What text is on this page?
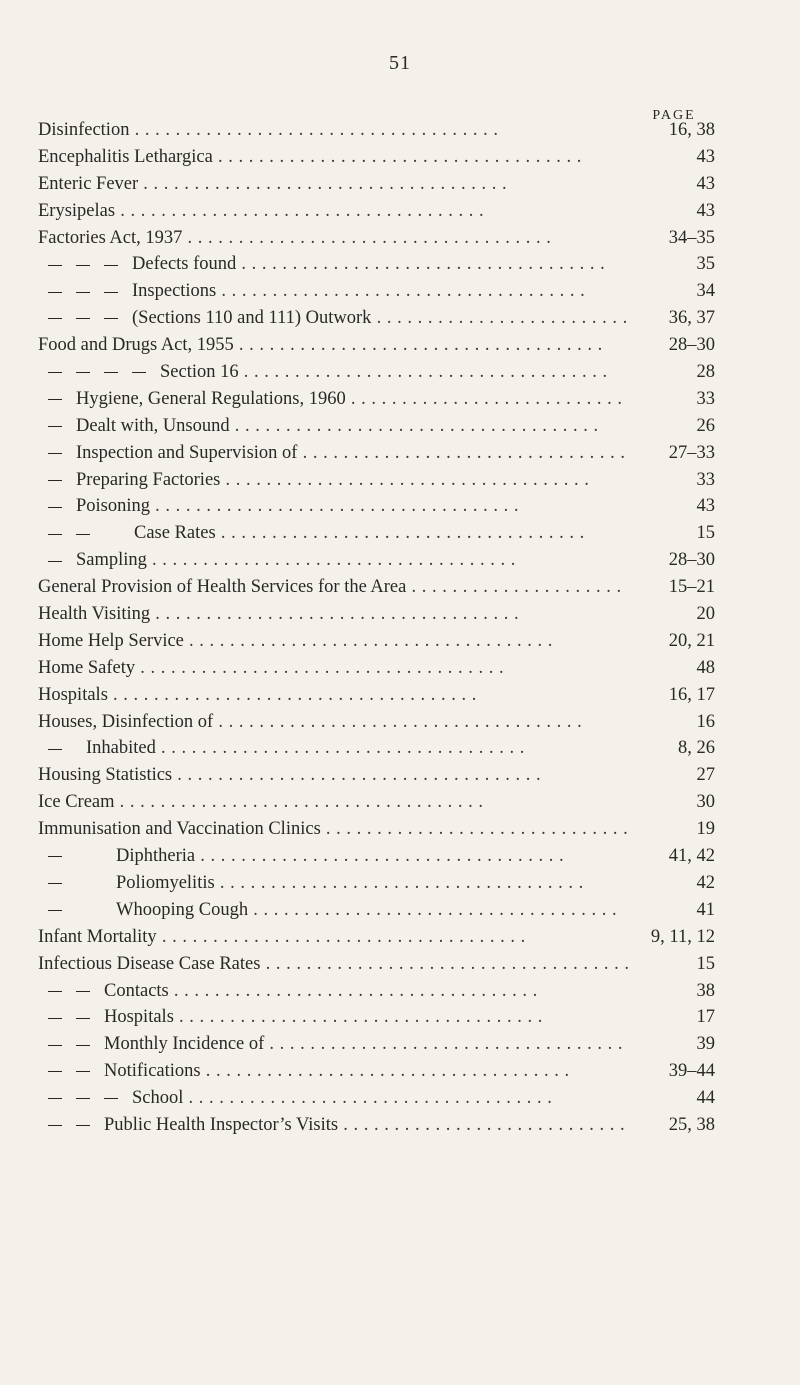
51
PAGE
Disinfection . . .	16, 38
Encephalitis Lethargica . . .	43
Enteric Fever . . .	43
Erysipelas . . .	43
Factories Act, 1937 . . .	34–35
Defects found . . .	35
Inspections . . .	34
(Sections 110 and 111) Outwork . . .	36, 37
Food and Drugs Act, 1955 . . .	28–30
Section 16 . . .	28
Hygiene, General Regulations, 1960 . . .	33
Dealt with, Unsound . . .	26
Inspection and Supervision of . . .	27–33
Preparing Factories . . .	33
Poisoning . . .	43
Case Rates . . .	15
Sampling . . .	28–30
General Provision of Health Services for the Area . . .	15–21
Health Visiting . . .	20
Home Help Service . . .	20, 21
Home Safety . . .	48
Hospitals . . .	16, 17
Houses, Disinfection of . . .	16
Inhabited . . .	8, 26
Housing Statistics . . .	27
Ice Cream . . .	30
Immunisation and Vaccination Clinics . . .	19
Diphtheria . . .	41, 42
Poliomyelitis . . .	42
Whooping Cough . . .	41
Infant Mortality . . .	9, 11, 12
Infectious Disease Case Rates . . .	15
Contacts . . .	38
Hospitals . . .	17
Monthly Incidence of . . .	39
Notifications . . .	39–44
School . . .	44
Public Health Inspector’s Visits . . .	25, 38
